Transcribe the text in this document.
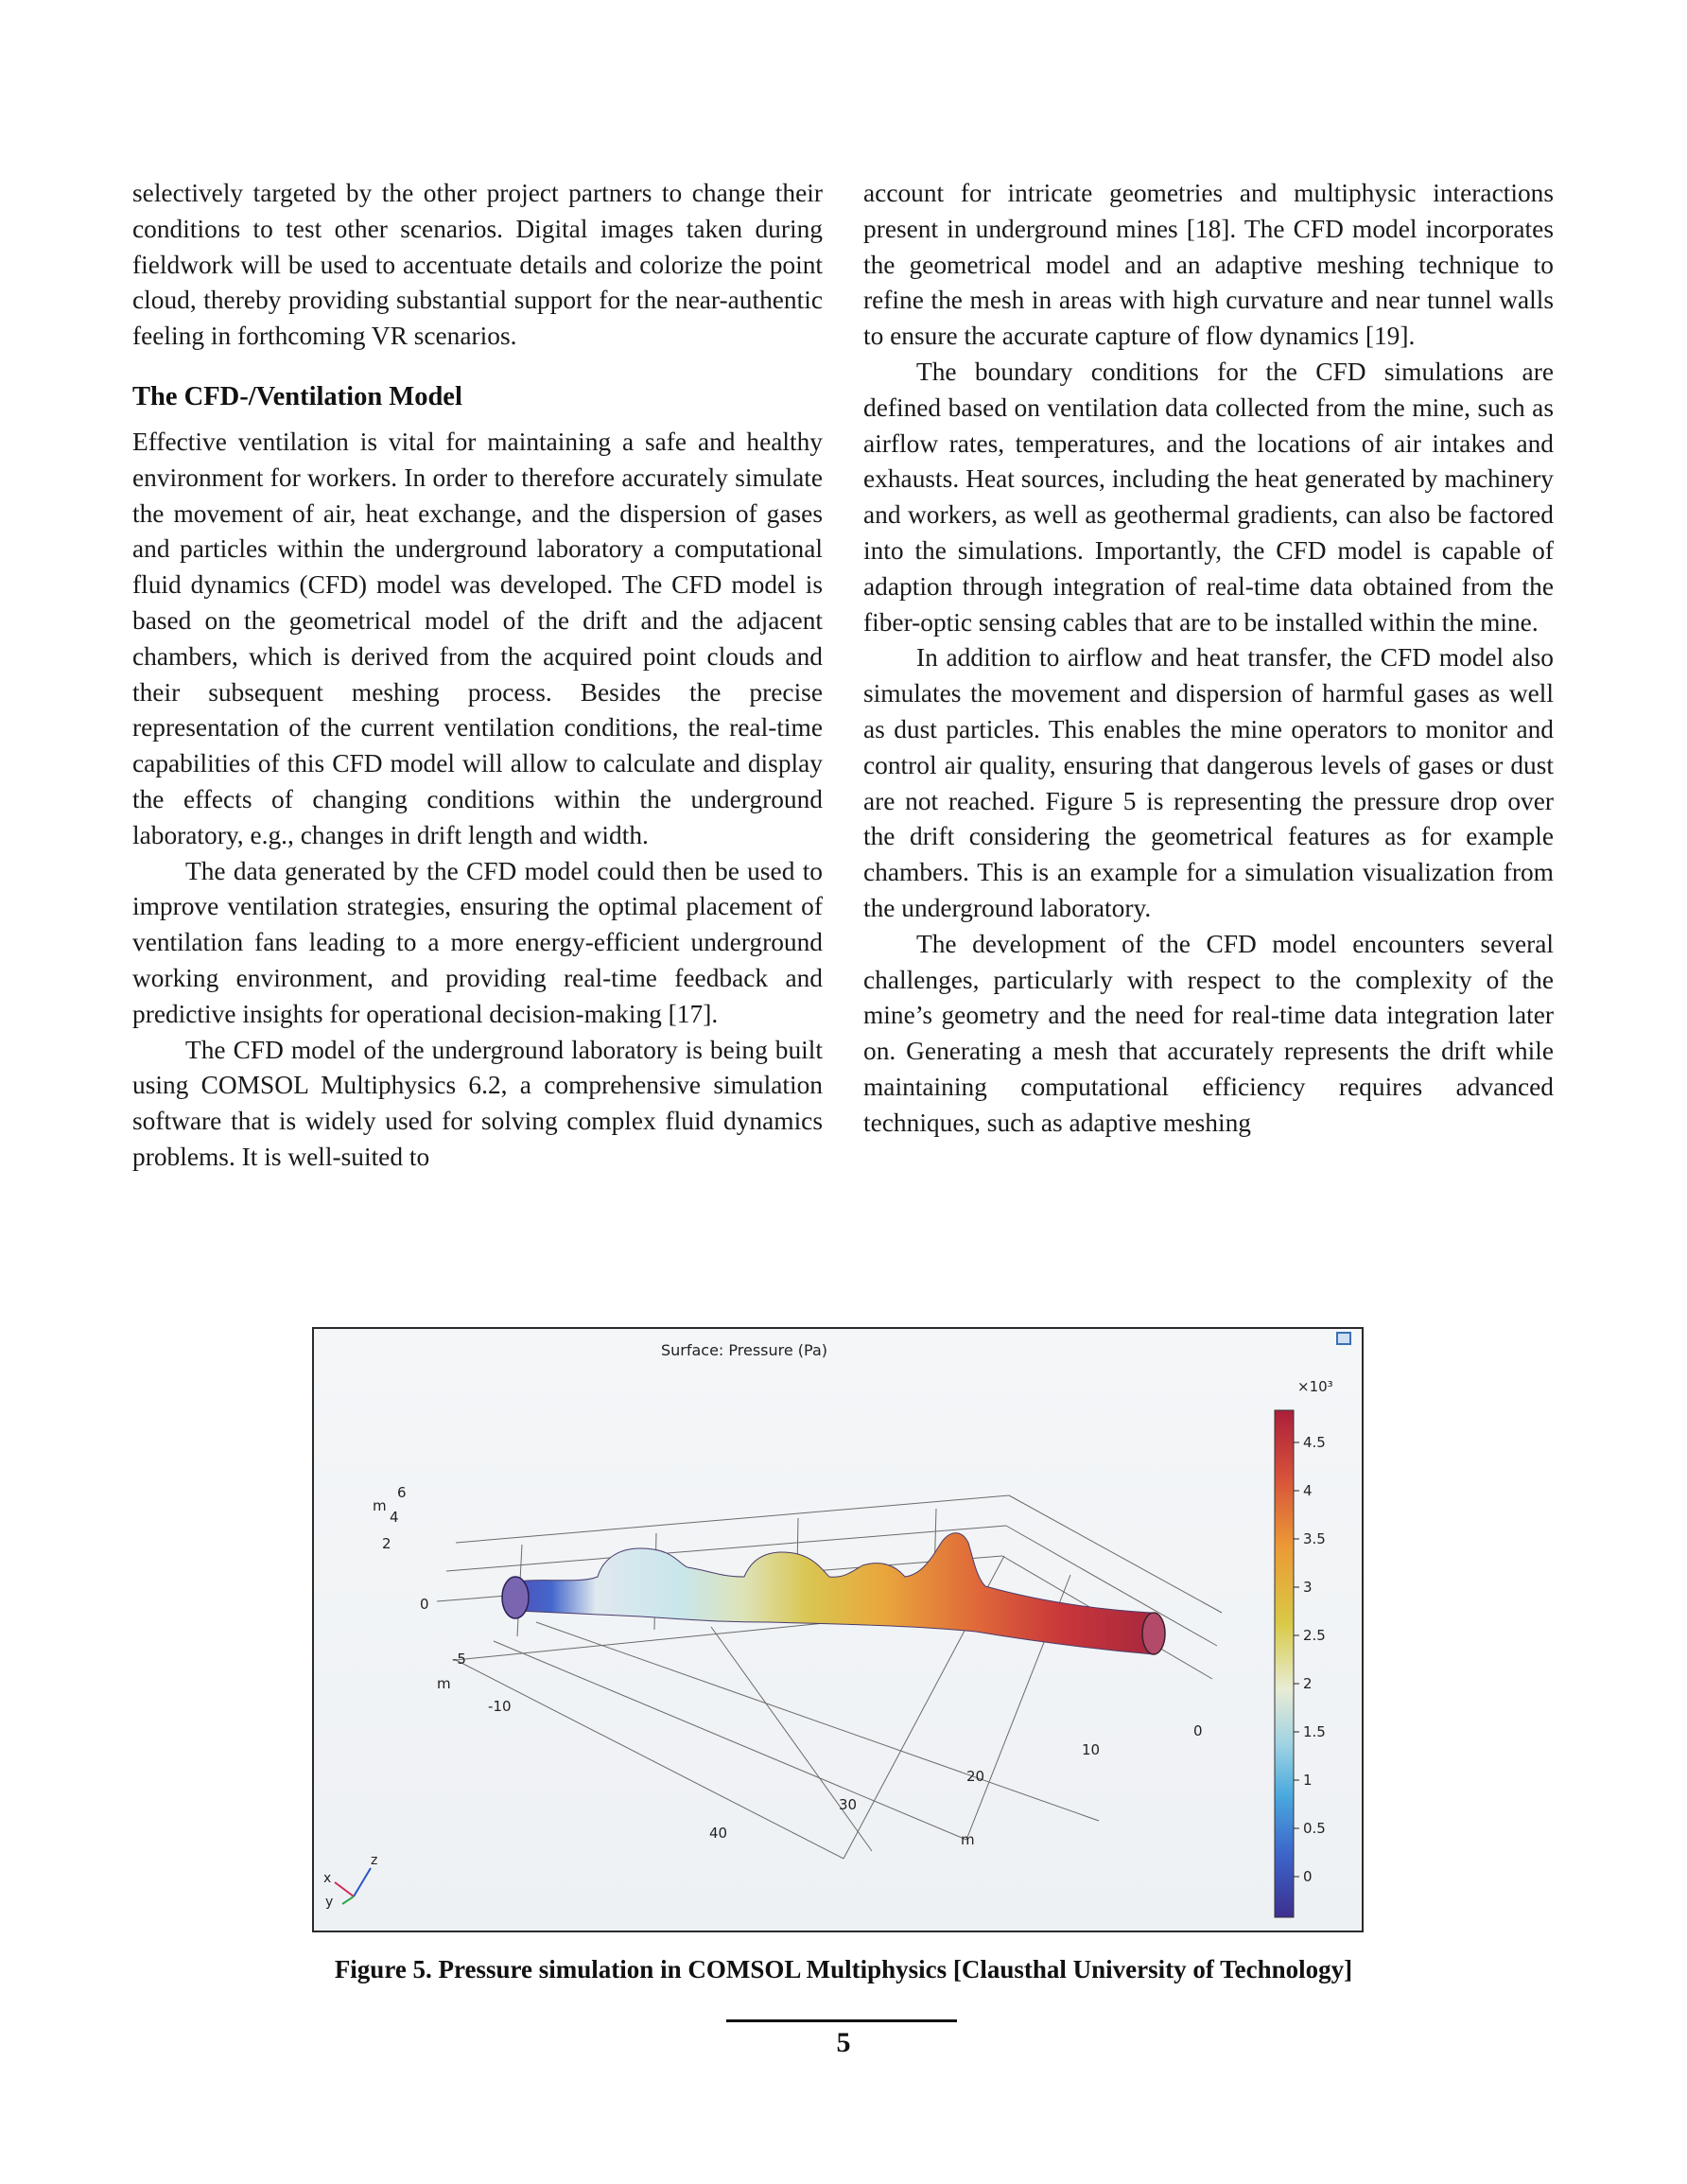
selectively targeted by the other project partners to change their conditions to test other scenarios. Digital images taken during fieldwork will be used to accentuate details and colorize the point cloud, thereby providing substantial support for the near-authentic feeling in forthcoming VR scenarios.

The CFD-/Ventilation Model

Effective ventilation is vital for maintaining a safe and healthy environment for workers. In order to therefore accurately simulate the movement of air, heat exchange, and the dispersion of gases and particles within the underground laboratory a computational fluid dynamics (CFD) model was developed. The CFD model is based on the geometrical model of the drift and the adjacent chambers, which is derived from the acquired point clouds and their subsequent meshing process. Besides the precise representation of the current ventilation conditions, the real-time capabilities of this CFD model will allow to calculate and display the effects of changing conditions within the underground laboratory, e.g., changes in drift length and width.

The data generated by the CFD model could then be used to improve ventilation strategies, ensuring the optimal placement of ventilation fans leading to a more energy-efficient underground working environment, and providing real-time feedback and predictive insights for operational decision-making [17].

The CFD model of the underground laboratory is being built using COMSOL Multiphysics 6.2, a comprehensive simulation software that is widely used for solving complex fluid dynamics problems. It is well-suited to

account for intricate geometries and multiphysic interactions present in underground mines [18]. The CFD model incorporates the geometrical model and an adaptive meshing technique to refine the mesh in areas with high curvature and near tunnel walls to ensure the accurate capture of flow dynamics [19].

The boundary conditions for the CFD simulations are defined based on ventilation data collected from the mine, such as airflow rates, temperatures, and the locations of air intakes and exhausts. Heat sources, including the heat generated by machinery and workers, as well as geothermal gradients, can also be factored into the simulations. Importantly, the CFD model is capable of adaption through integration of real-time data obtained from the fiber-optic sensing cables that are to be installed within the mine.

In addition to airflow and heat transfer, the CFD model also simulates the movement and dispersion of harmful gases as well as dust particles. This enables the mine operators to monitor and control air quality, ensuring that dangerous levels of gases or dust are not reached. Figure 5 is representing the pressure drop over the drift considering the geometrical features as for example chambers. This is an example for a simulation visualization from the underground laboratory.

The development of the CFD model encounters several challenges, particularly with respect to the complexity of the mine’s geometry and the need for real-time data integration later on. Generating a mesh that accurately represents the drift while maintaining computational efficiency requires advanced techniques, such as adaptive meshing

Surface: Pressure (Pa)
m
6
4
2
0
-5
m
-10
40
30
20
10
0
m
z
x
y
×10³
4.5
4
3.5
3
2.5
2
1.5
1
0.5
0
Figure 5. Pressure simulation in COMSOL Multiphysics [Clausthal University of Technology]
5
